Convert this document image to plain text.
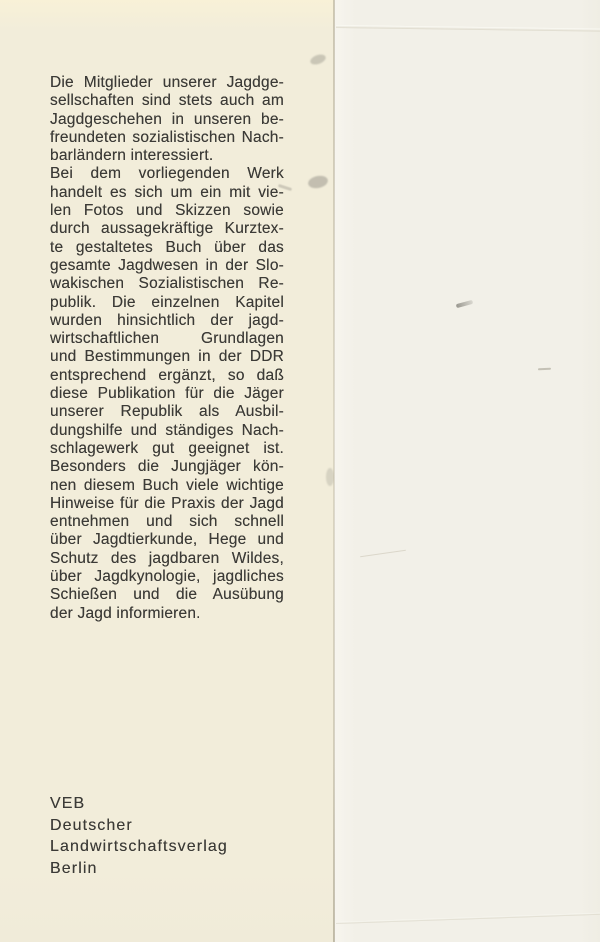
Die Mitglieder unserer Jagdge-
sellschaften sind stets auch am
Jagdgeschehen in unseren be-
freundeten sozialistischen Nach-
barländern interessiert.
Bei dem vorliegenden Werk
handelt es sich um ein mit vie-
len Fotos und Skizzen sowie
durch aussagekräftige Kurztex-
te gestaltetes Buch über das
gesamte Jagdwesen in der Slo-
wakischen Sozialistischen Re-
publik. Die einzelnen Kapitel
wurden hinsichtlich der jagd-
wirtschaftlichen Grundlagen
und Bestimmungen in der DDR
entsprechend ergänzt, so daß
diese Publikation für die Jäger
unserer Republik als Ausbil-
dungshilfe und ständiges Nach-
schlagewerk gut geeignet ist.
Besonders die Jungjäger kön-
nen diesem Buch viele wichtige
Hinweise für die Praxis der Jagd
entnehmen und sich schnell
über Jagdtierkunde, Hege und
Schutz des jagdbaren Wildes,
über Jagdkynologie, jagdliches
Schießen und die Ausübung
der Jagd informieren.
VEB
Deutscher
Landwirtschaftsverlag
Berlin
